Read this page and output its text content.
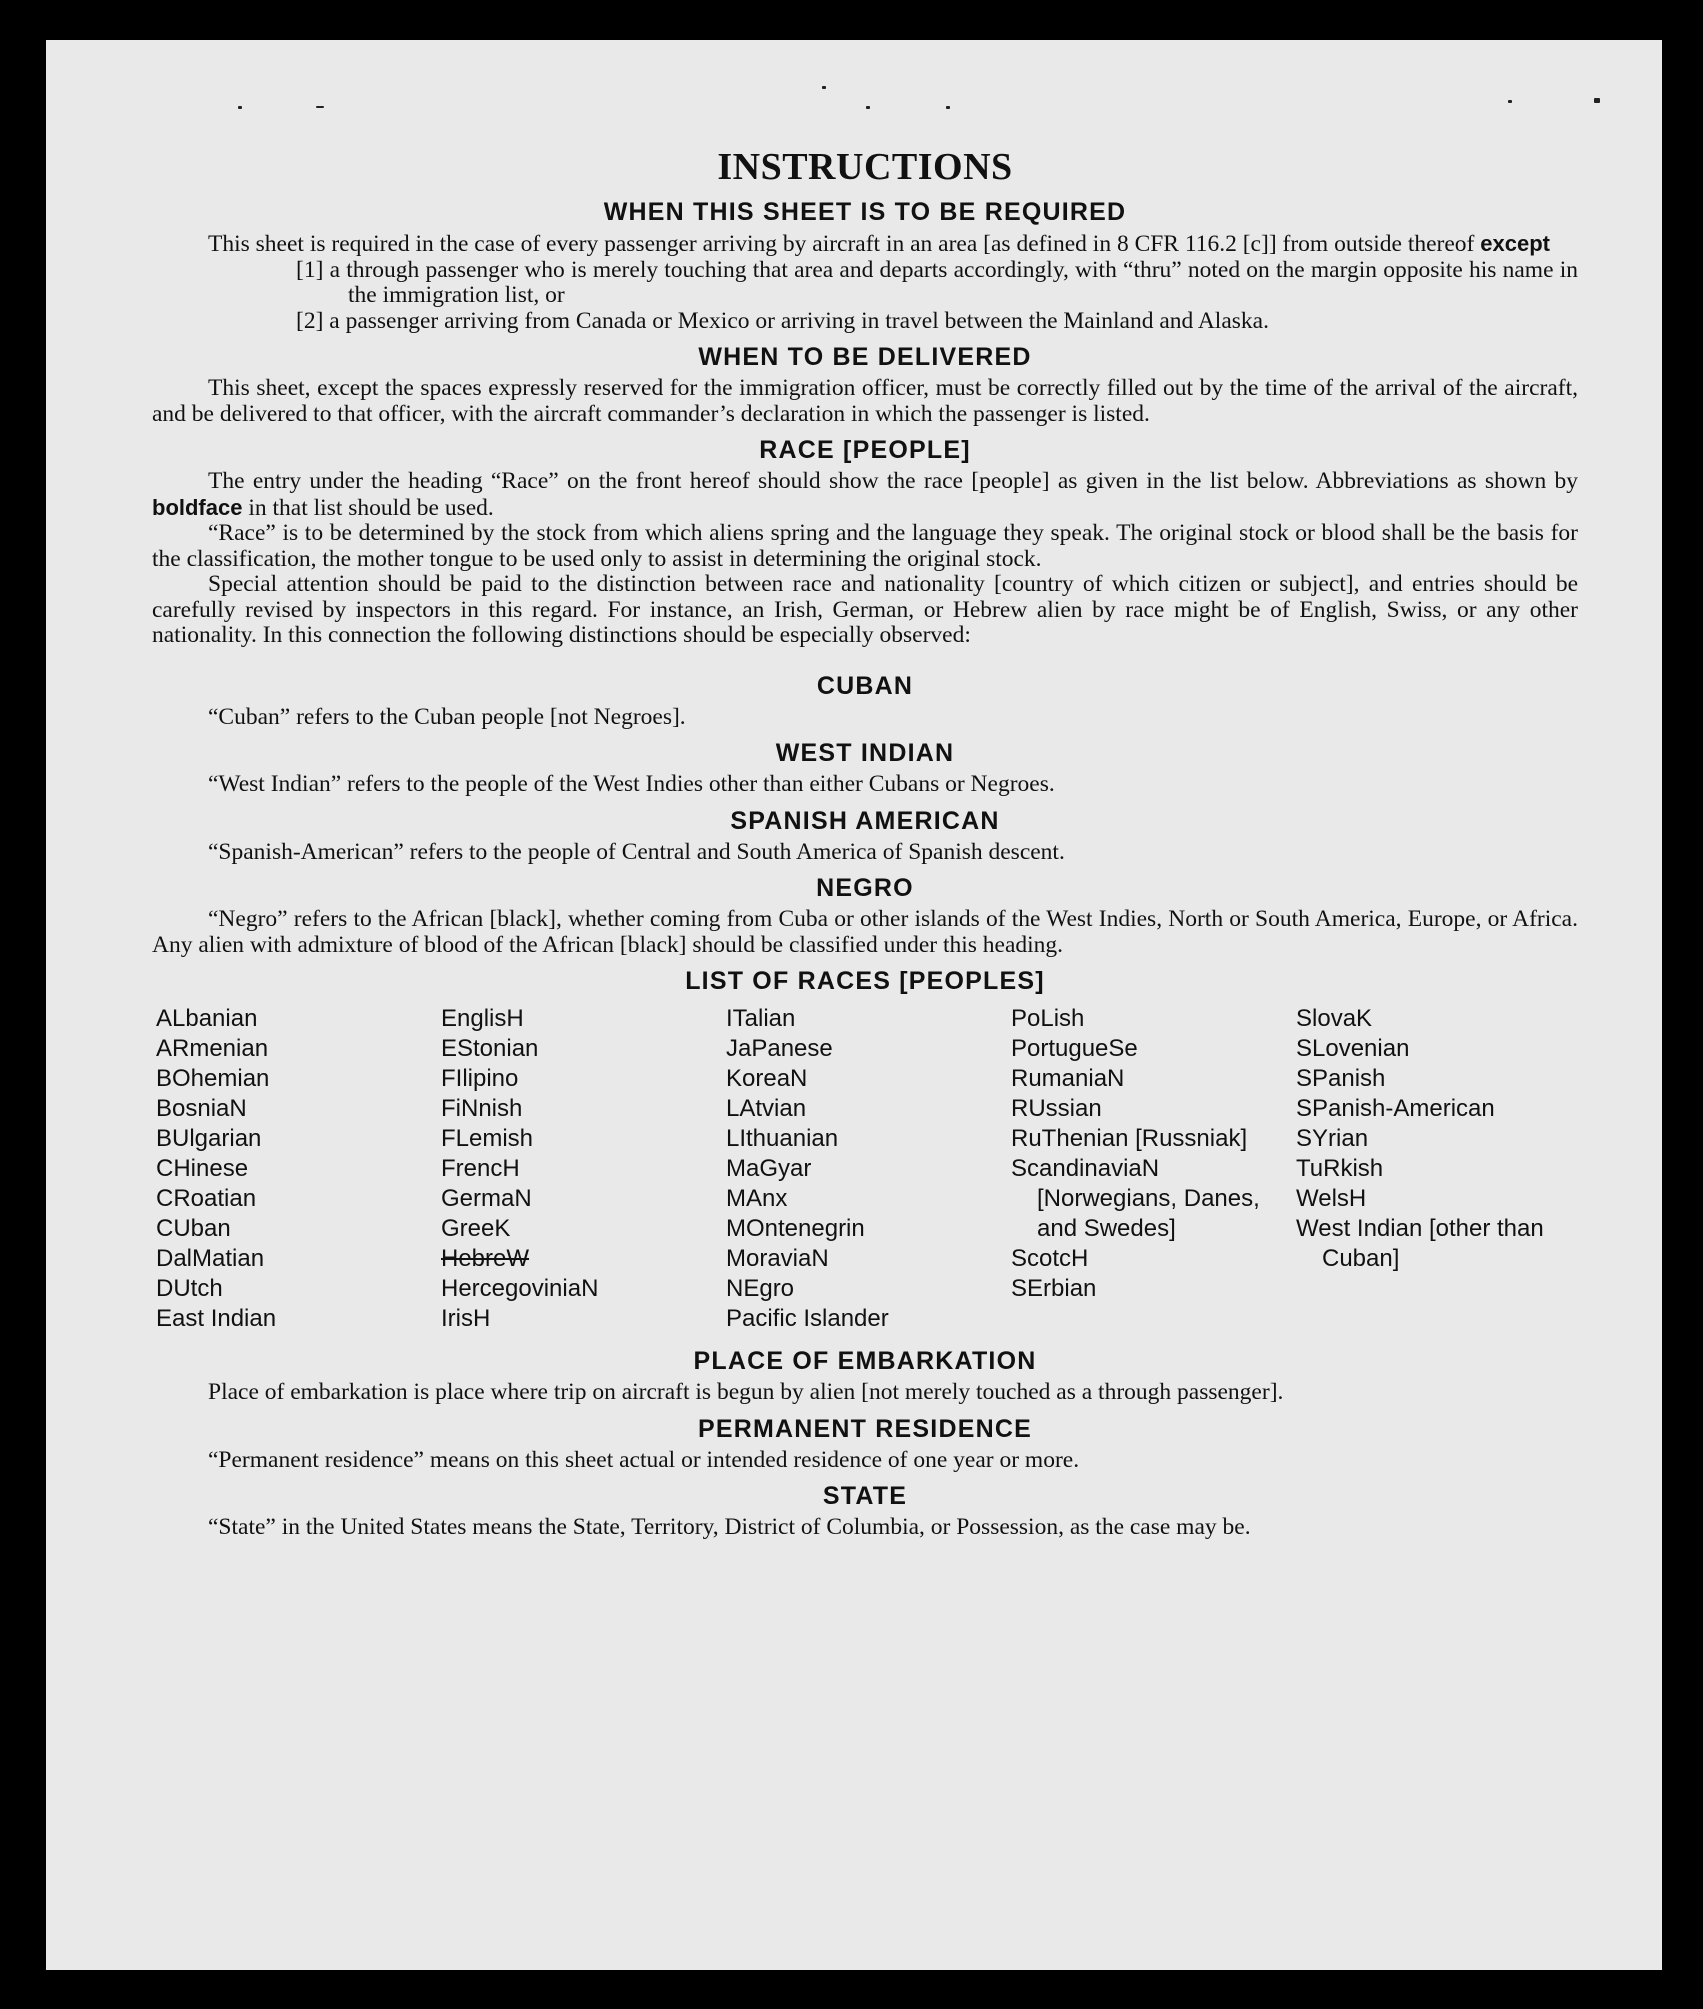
INSTRUCTIONS
WHEN THIS SHEET IS TO BE REQUIRED

This sheet is required in the case of every passenger arriving by aircraft in an area [as defined in 8 CFR 116.2 [c]] from outside thereof except

[1] a through passenger who is merely touching that area and departs accordingly, with “thru” noted on the margin opposite his name in the immigration list, or

[2] a passenger arriving from Canada or Mexico or arriving in travel between the Mainland and Alaska.

WHEN TO BE DELIVERED

This sheet, except the spaces expressly reserved for the immigration officer, must be correctly filled out by the time of the arrival of the aircraft, and be delivered to that officer, with the aircraft commander’s declaration in which the passenger is listed.

RACE [PEOPLE]

The entry under the heading “Race” on the front hereof should show the race [people] as given in the list below. Abbreviations as shown by boldface in that list should be used.

“Race” is to be determined by the stock from which aliens spring and the language they speak. The original stock or blood shall be the basis for the classification, the mother tongue to be used only to assist in determining the original stock.

Special attention should be paid to the distinction between race and nationality [country of which citizen or subject], and entries should be carefully revised by inspectors in this regard. For instance, an Irish, German, or Hebrew alien by race might be of English, Swiss, or any other nationality. In this connection the following distinctions should be especially observed:

CUBAN

“Cuban” refers to the Cuban people [not Negroes].

WEST INDIAN

“West Indian” refers to the people of the West Indies other than either Cubans or Negroes.

SPANISH AMERICAN

“Spanish-American” refers to the people of Central and South America of Spanish descent.

NEGRO

“Negro” refers to the African [black], whether coming from Cuba or other islands of the West Indies, North or South America, Europe, or Africa. Any alien with admixture of blood of the African [black] should be classified under this heading.

LIST OF RACES [PEOPLES]
ALbanian
ARmenian
BOhemian
BosniaN
BUlgarian
CHinese
CRoatian
CUban
DalMatian
DUtch
East Indian
EnglisH
EStonian
FIlipino
FiNnish
FLemish
FrencH
GermaN
GreeK
HebreW
HercegoviniaN
IrisH
ITalian
JaPanese
KoreaN
LAtvian
LIthuanian
MaGyar
MAnx
MOntenegrin
MoraviaN
NEgro
Pacific Islander
PoLish
PortugueSe
RumaniaN
RUssian
RuThenian [Russniak]
ScandinaviaN [Norwegians, Danes, and Swedes]
ScotcH
SErbian
SlovaK
SLovenian
SPanish
SPanish-American
SYrian
TuRkish
WelsH
West Indian [other than Cuban]
PLACE OF EMBARKATION

Place of embarkation is place where trip on aircraft is begun by alien [not merely touched as a through passenger].

PERMANENT RESIDENCE

“Permanent residence” means on this sheet actual or intended residence of one year or more.

STATE

“State” in the United States means the State, Territory, District of Columbia, or Possession, as the case may be.
